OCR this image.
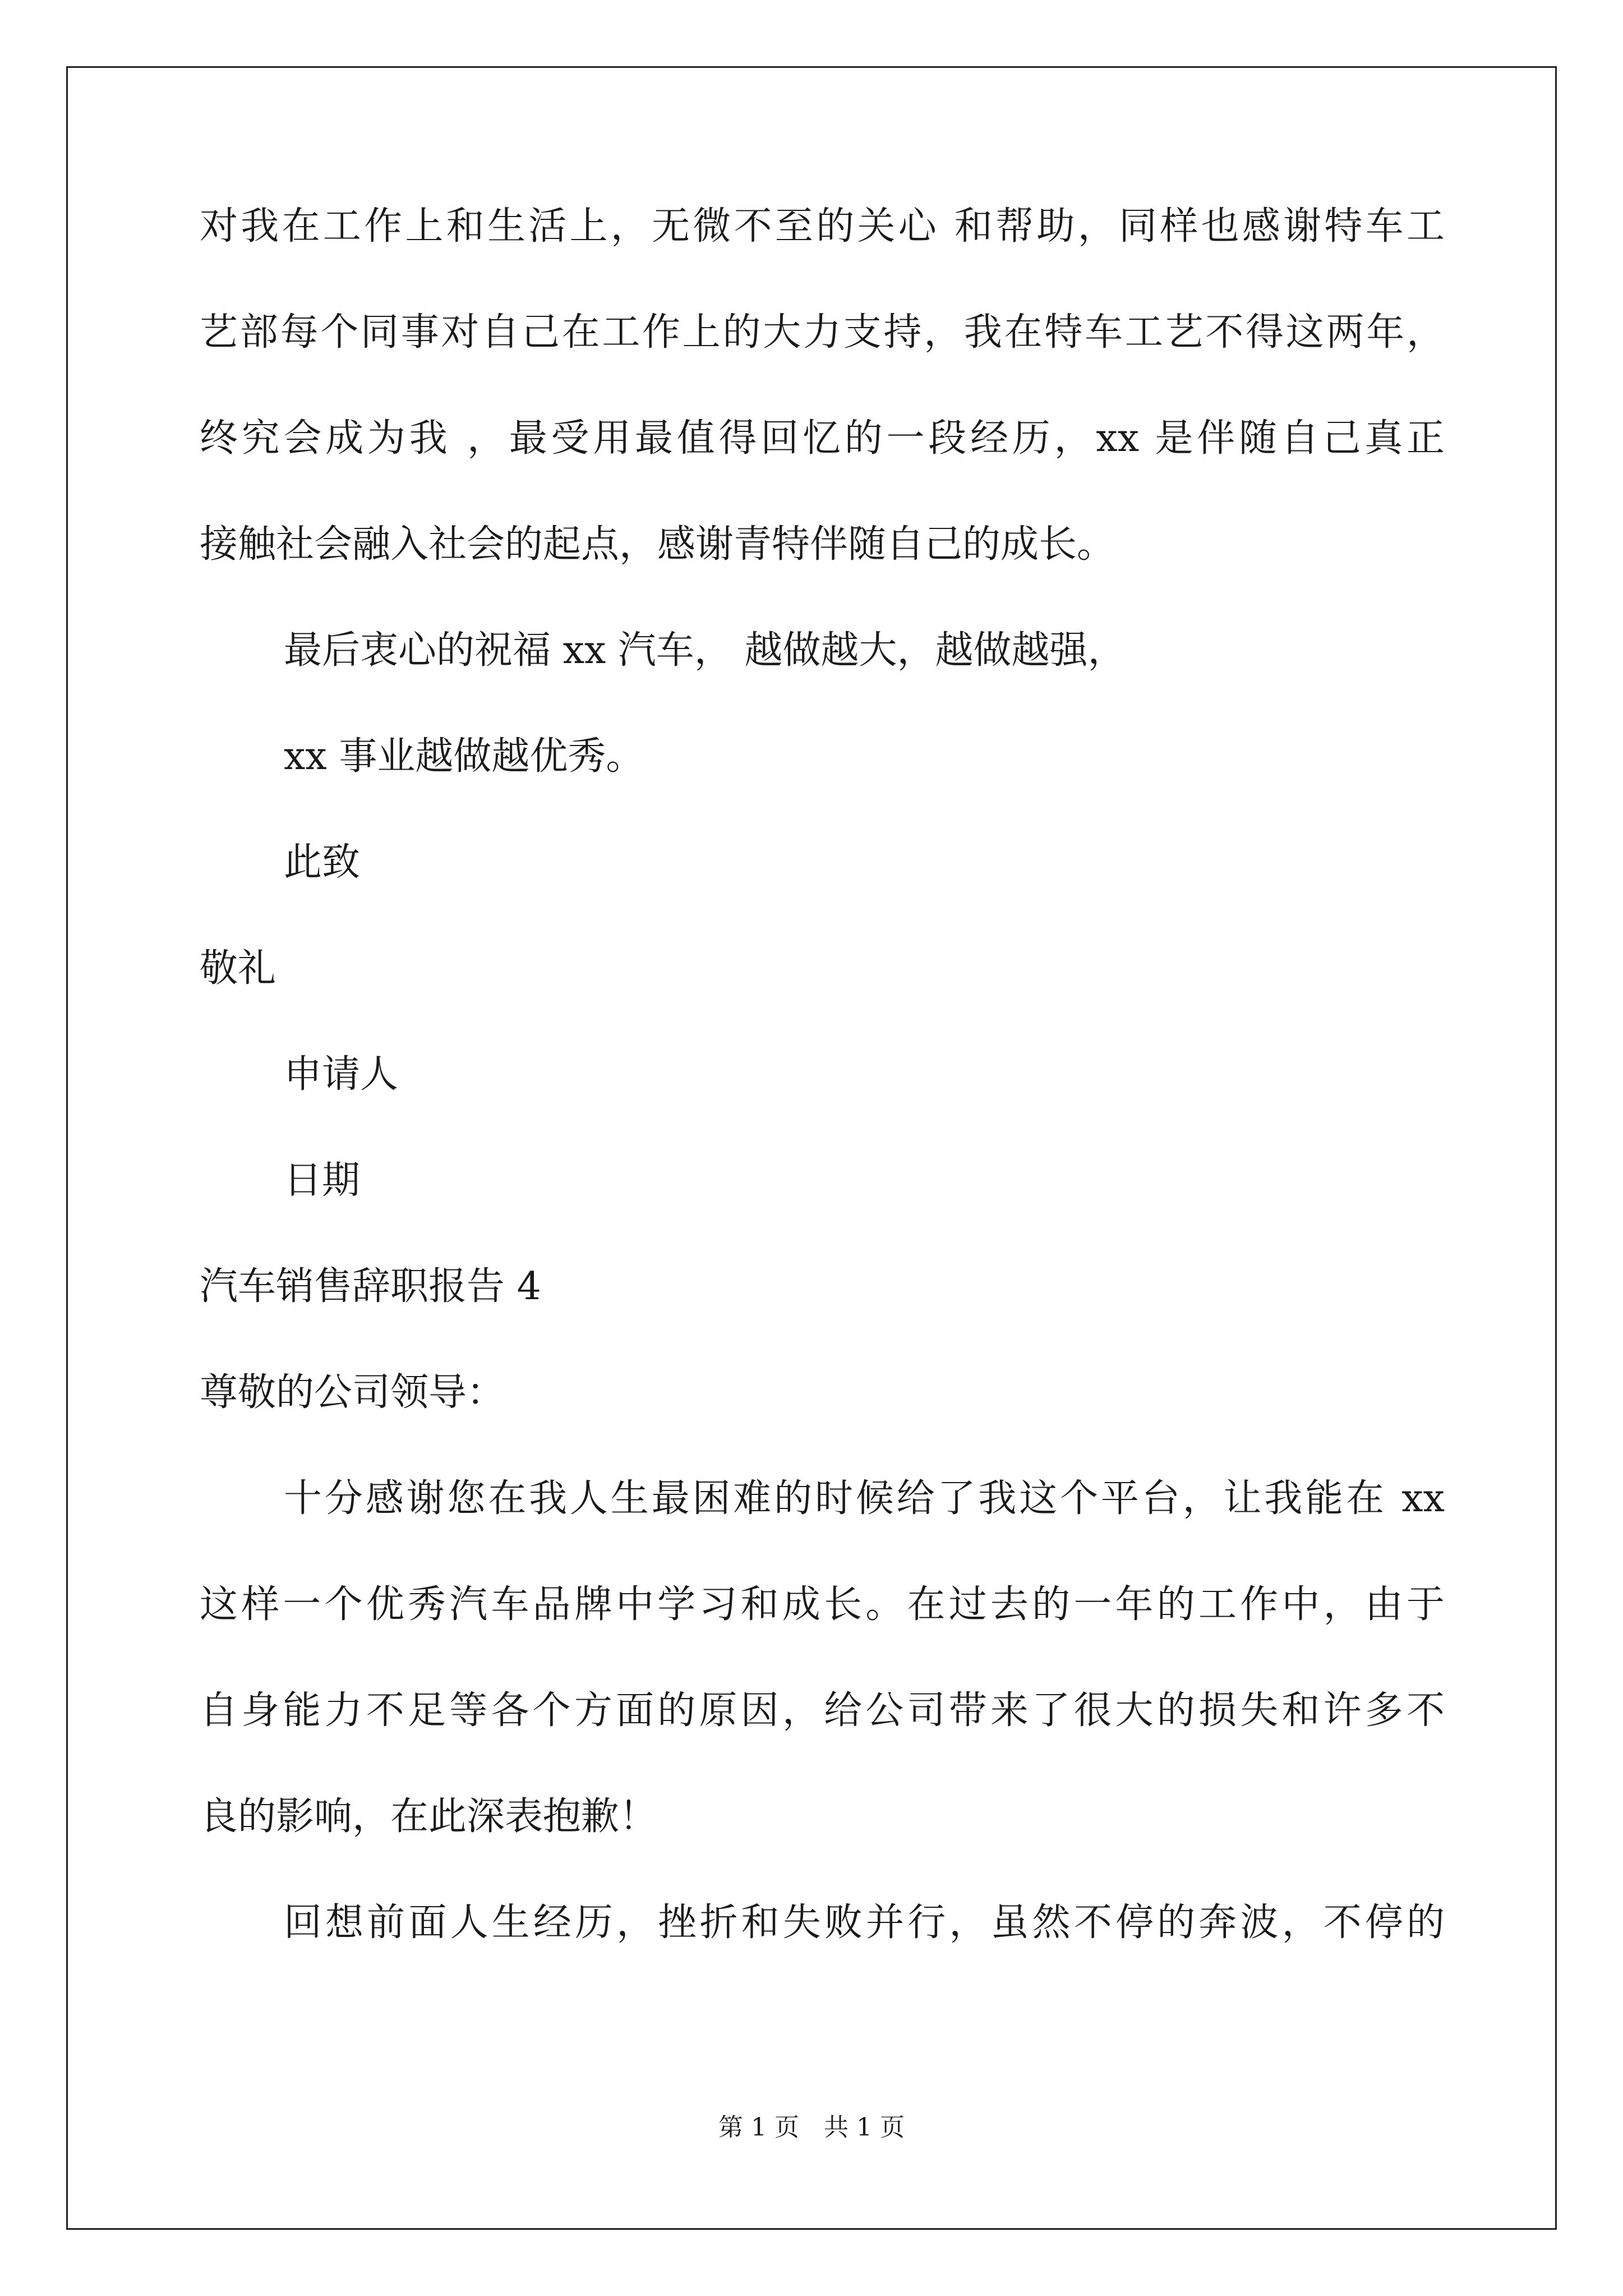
对我在工作上和生活上，无微不至的关心 和帮助，同样也感谢特车工
艺部每个同事对自己在工作上的大力支持，我在特车工艺不得这两年，
终究会成为我 ，最受用最值得回忆的一段经历，xx 是伴随自己真正
接触社会融入社会的起点，感谢青特伴随自己的成长。
最后衷心的祝福 xx 汽车， 越做越大，越做越强，
xx 事业越做越优秀。
此致
敬礼
申请人
日期
汽车销售辞职报告 4
尊敬的公司领导：
十分感谢您在我人生最困难的时候给了我这个平台，让我能在 xx
这样一个优秀汽车品牌中学习和成长。在过去的一年的工作中，由于
自身能力不足等各个方面的原因，给公司带来了很大的损失和许多不
良的影响，在此深表抱歉！
回想前面人生经历，挫折和失败并行，虽然不停的奔波，不停的
第 1 页　共 1 页
